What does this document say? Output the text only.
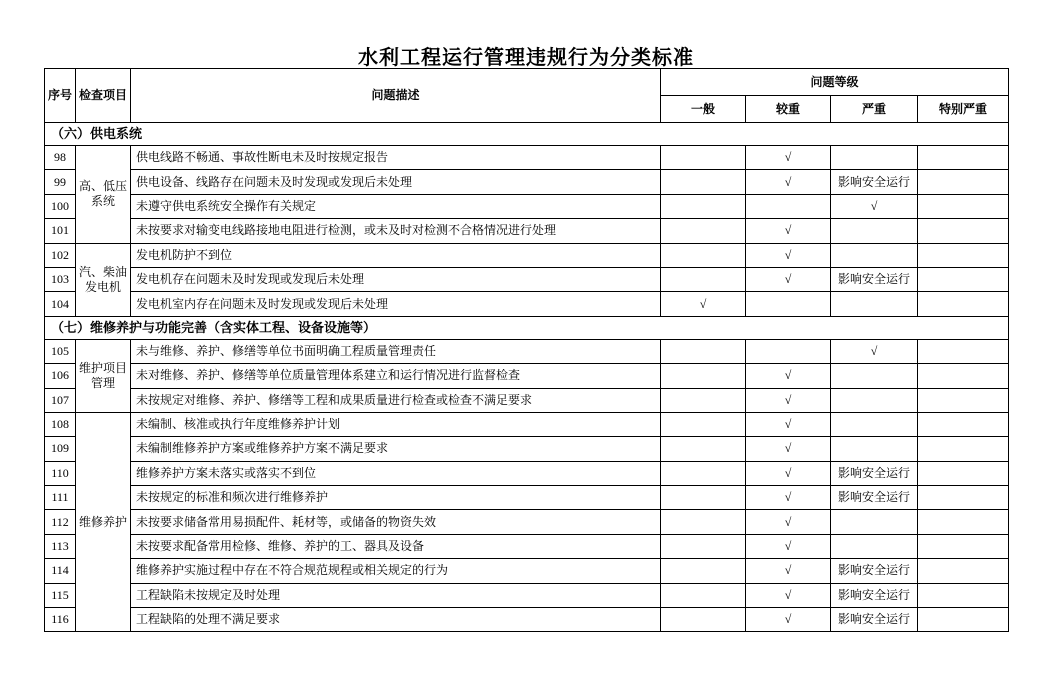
水利工程运行管理违规行为分类标准
序号	检查项目	问题描述	问题等级			
			一般	较重	严重	特别严重
（六）供电系统						
98	高、低压系统	供电线路不畅通、事故性断电未及时按规定报告		√		
99		供电设备、线路存在问题未及时发现或发现后未处理		√	影响安全运行	
100		未遵守供电系统安全操作有关规定			√	
101		未按要求对输变电线路接地电阻进行检测，或未及时对检测不合格情况进行处理		√		
102	汽、柴油发电机	发电机防护不到位		√		
103		发电机存在问题未及时发现或发现后未处理		√	影响安全运行	
104		发电机室内存在问题未及时发现或发现后未处理	√			
（七）维修养护与功能完善（含实体工程、设备设施等）						
105	维护项目管理	未与维修、养护、修缮等单位书面明确工程质量管理责任			√	
106		未对维修、养护、修缮等单位质量管理体系建立和运行情况进行监督检查		√		
107		未按规定对维修、养护、修缮等工程和成果质量进行检查或检查不满足要求		√		
108	维修养护	未编制、核准或执行年度维修养护计划		√		
109		未编制维修养护方案或维修养护方案不满足要求		√		
110		维修养护方案未落实或落实不到位		√	影响安全运行	
111		未按规定的标准和频次进行维修养护		√	影响安全运行	
112		未按要求储备常用易损配件、耗材等，或储备的物资失效		√		
113		未按要求配备常用检修、维修、养护的工、器具及设备		√		
114		维修养护实施过程中存在不符合规范规程或相关规定的行为		√	影响安全运行	
115		工程缺陷未按规定及时处理		√	影响安全运行	
116		工程缺陷的处理不满足要求		√	影响安全运行	
